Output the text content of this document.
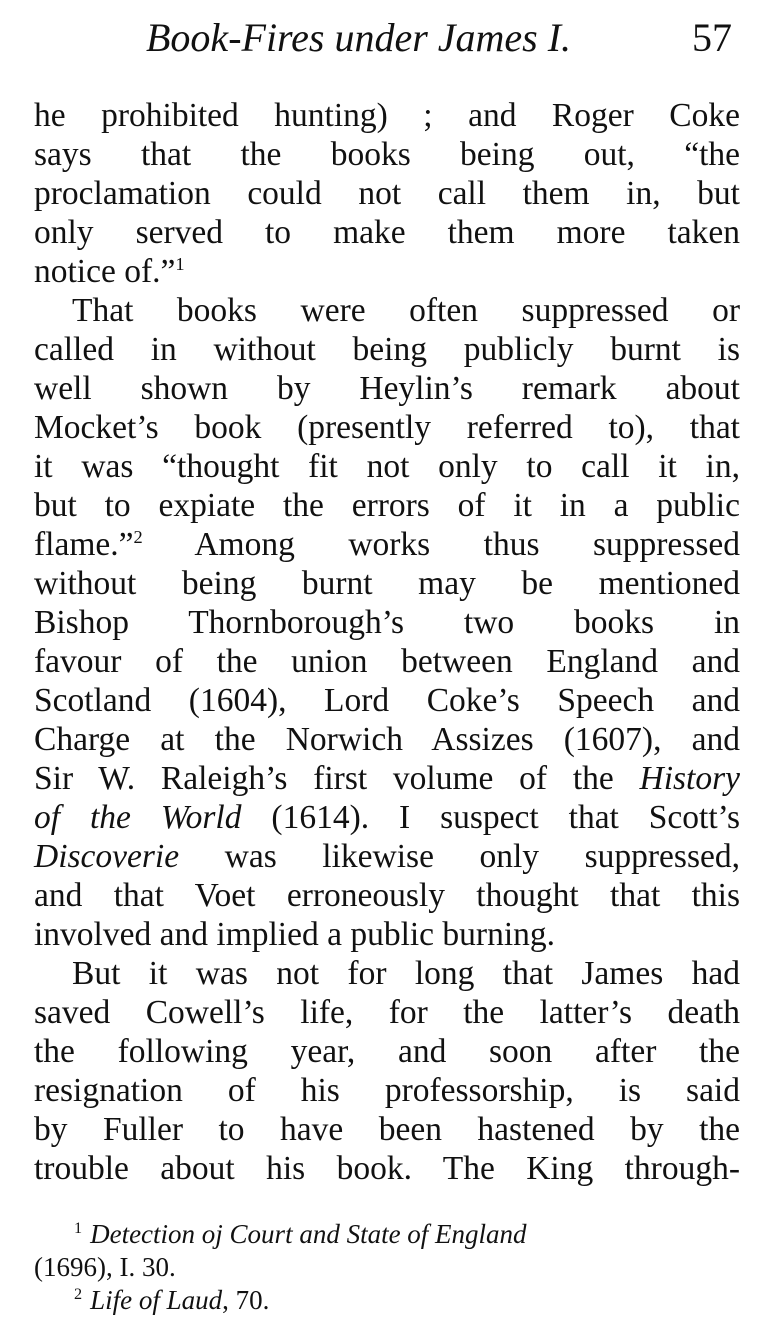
Book-Fires under James I.	57
he prohibited hunting) ; and Roger Coke
says that the books being out, “the
proclamation could not call them in, but
only served to make them more taken
notice of.”$^1$
That books were often suppressed or
called in without being publicly burnt is
well shown by Heylin’s remark about
Mocket’s book (presently referred to), that
it was “thought fit not only to call it in,
but to expiate the errors of it in a public
flame.”$^2$ Among works thus suppressed
without being burnt may be mentioned
Bishop Thornborough’s two books in
favour of the union between England and
Scotland (1604), Lord Coke’s Speech and
Charge at the Norwich Assizes (1607), and
Sir W. Raleigh’s first volume of the History
of the World (1614). I suspect that Scott’s
Discoverie was likewise only suppressed,
and that Voet erroneously thought that this
involved and implied a public burning.
But it was not for long that James had
saved Cowell’s life, for the latter’s death
the following year, and soon after the
resignation of his professorship, is said
by Fuller to have been hastened by the
trouble about his book. The King through-
$^1$ Detection oj Court and State of England
(1696), I. 30.
$^2$ Life of Laud, 70.
